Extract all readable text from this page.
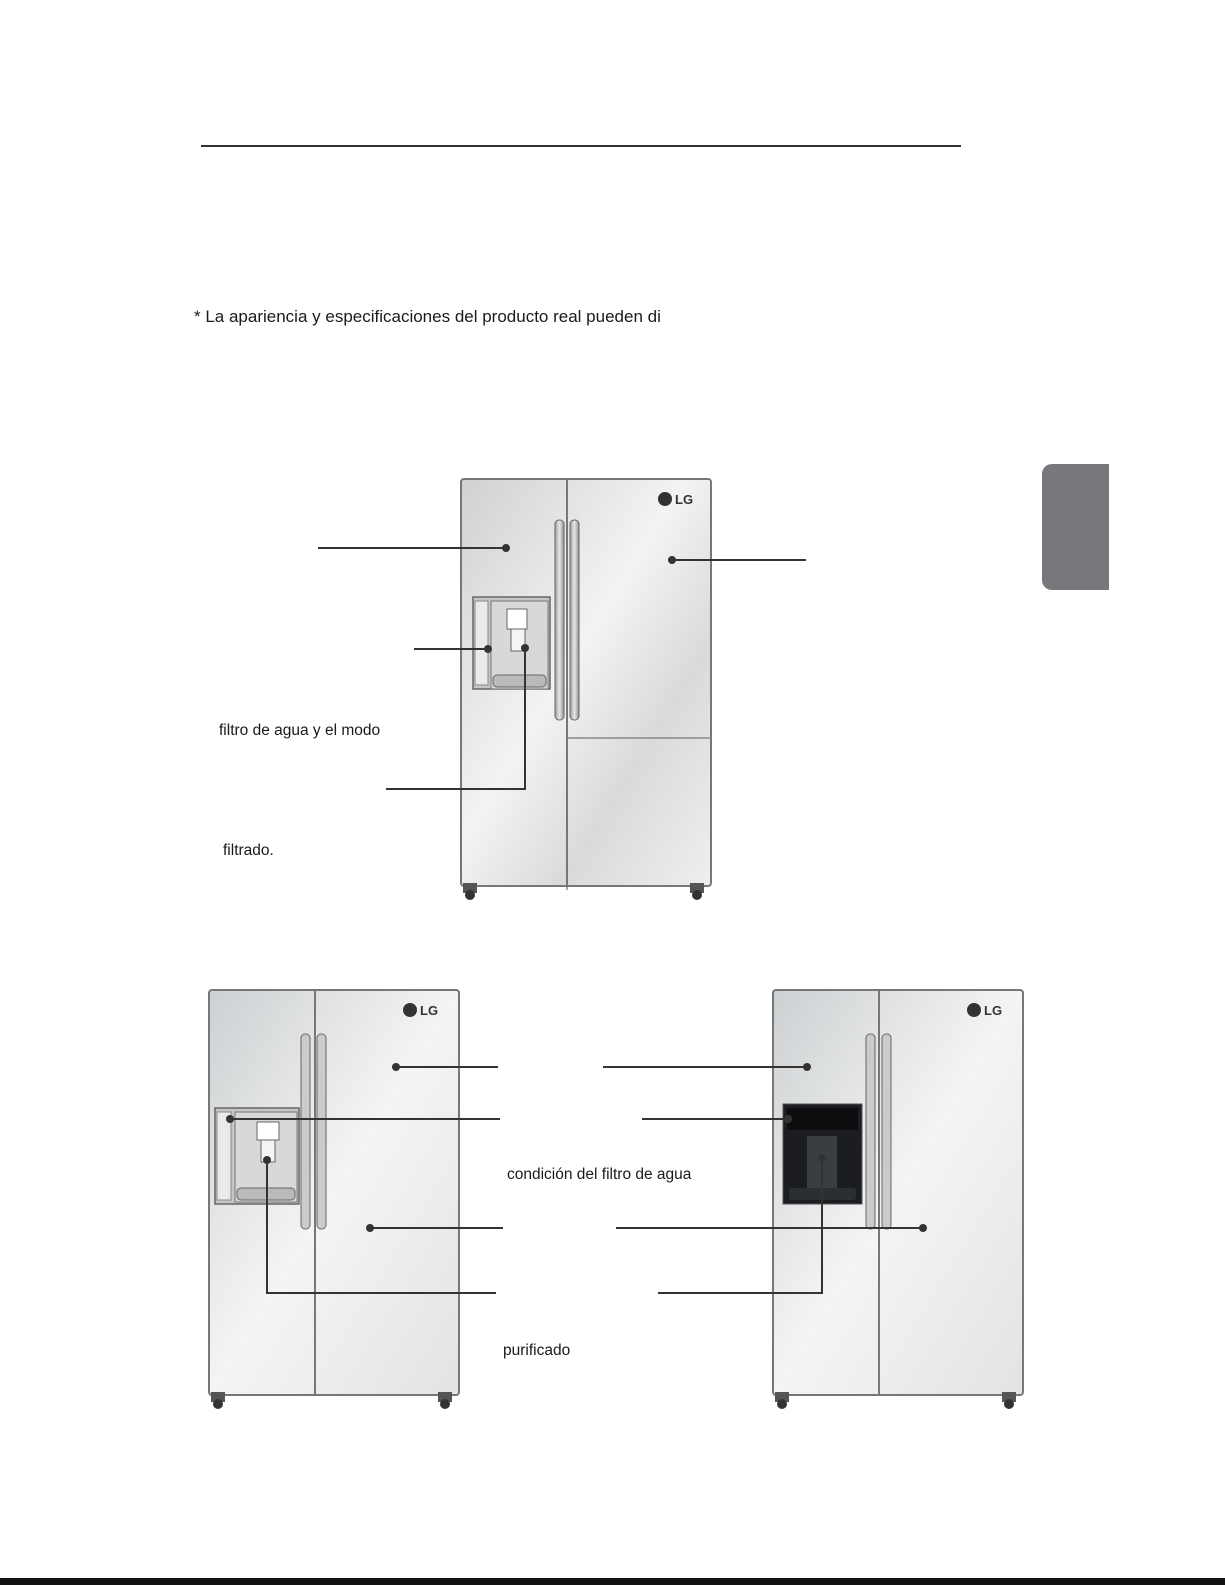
* La apariencia y especificaciones del producto real pueden di
LG
filtro de agua y el modo
filtrado.
LG	LG
condición del filtro de agua
purificado
